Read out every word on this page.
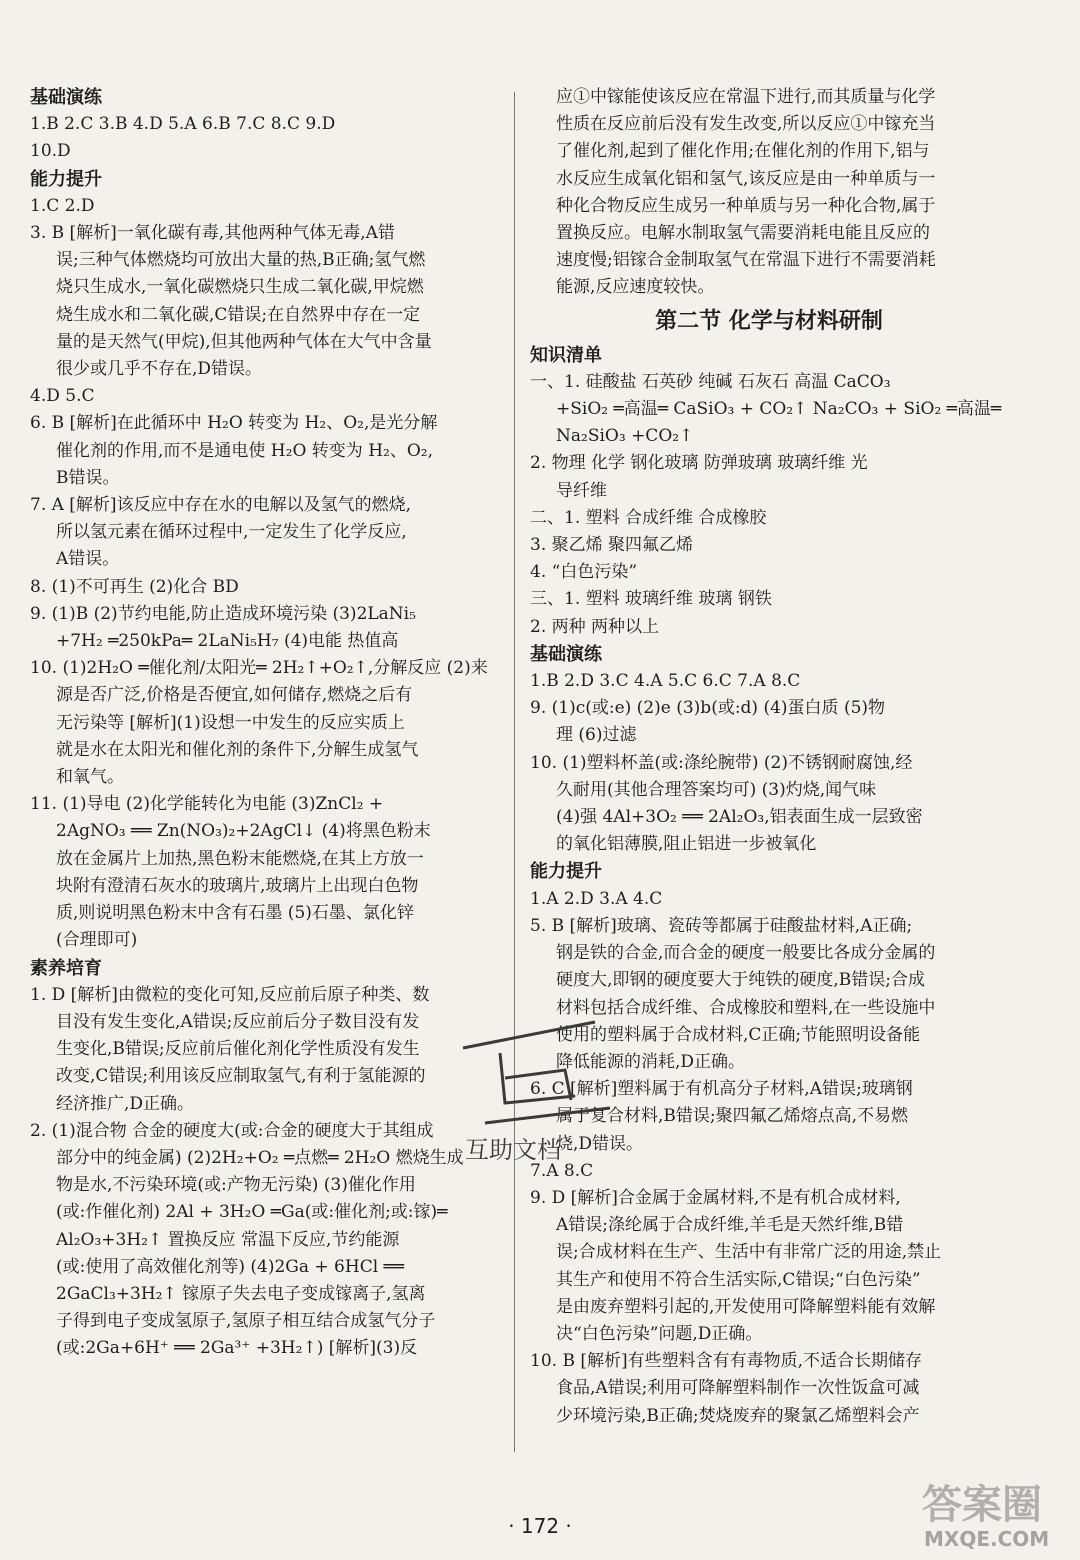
基础演练
1.B 2.C 3.B 4.D 5.A 6.B 7.C 8.C 9.D
10.D
能力提升
1.C 2.D
3. B [解析]一氧化碳有毒,其他两种气体无毒,A错
误;三种气体燃烧均可放出大量的热,B正确;氢气燃
烧只生成水,一氧化碳燃烧只生成二氧化碳,甲烷燃
烧生成水和二氧化碳,C错误;在自然界中存在一定
量的是天然气(甲烷),但其他两种气体在大气中含量
很少或几乎不存在,D错误。
4.D 5.C
6. B [解析]在此循环中 H₂O 转变为 H₂、O₂,是光分解
催化剂的作用,而不是通电使 H₂O 转变为 H₂、O₂,
B错误。
7. A [解析]该反应中存在水的电解以及氢气的燃烧,
所以氢元素在循环过程中,一定发生了化学反应,
A错误。
8. (1)不可再生 (2)化合 BD
9. (1)B (2)节约电能,防止造成环境污染 (3)2LaNi₅
+7H₂ ═250kPa═ 2LaNi₅H₇ (4)电能 热值高
10. (1)2H₂O ═催化剂/太阳光═ 2H₂↑+O₂↑,分解反应 (2)来
源是否广泛,价格是否便宜,如何储存,燃烧之后有
无污染等 [解析](1)设想一中发生的反应实质上
就是水在太阳光和催化剂的条件下,分解生成氢气
和氧气。
11. (1)导电 (2)化学能转化为电能 (3)ZnCl₂ +
2AgNO₃ ══ Zn(NO₃)₂+2AgCl↓ (4)将黑色粉末
放在金属片上加热,黑色粉末能燃烧,在其上方放一
块附有澄清石灰水的玻璃片,玻璃片上出现白色物
质,则说明黑色粉末中含有石墨 (5)石墨、氯化锌
(合理即可)
素养培育
1. D [解析]由微粒的变化可知,反应前后原子种类、数
目没有发生变化,A错误;反应前后分子数目没有发
生变化,B错误;反应前后催化剂化学性质没有发生
改变,C错误;利用该反应制取氢气,有利于氢能源的
经济推广,D正确。
2. (1)混合物 合金的硬度大(或:合金的硬度大于其组成
部分中的纯金属) (2)2H₂+O₂ ═点燃═ 2H₂O 燃烧生成
物是水,不污染环境(或:产物无污染) (3)催化作用
(或:作催化剂) 2Al + 3H₂O ═Ga(或:催化剂;或:镓)═
Al₂O₃+3H₂↑ 置换反应 常温下反应,节约能源
(或:使用了高效催化剂等) (4)2Ga + 6HCl ══
2GaCl₃+3H₂↑ 镓原子失去电子变成镓离子,氢离
子得到电子变成氢原子,氢原子相互结合成氢气分子
(或:2Ga+6H⁺ ══ 2Ga³⁺ +3H₂↑) [解析](3)反
应①中镓能使该反应在常温下进行,而其质量与化学
性质在反应前后没有发生改变,所以反应①中镓充当
了催化剂,起到了催化作用;在催化剂的作用下,铝与
水反应生成氧化铝和氢气,该反应是由一种单质与一
种化合物反应生成另一种单质与另一种化合物,属于
置换反应。电解水制取氢气需要消耗电能且反应的
速度慢;铝镓合金制取氢气在常温下进行不需要消耗
能源,反应速度较快。
第二节 化学与材料研制
知识清单
一、1. 硅酸盐 石英砂 纯碱 石灰石 高温 CaCO₃
+SiO₂ ═高温═ CaSiO₃ + CO₂↑ Na₂CO₃ + SiO₂ ═高温═
Na₂SiO₃ +CO₂↑
2. 物理 化学 钢化玻璃 防弹玻璃 玻璃纤维 光
导纤维
二、1. 塑料 合成纤维 合成橡胶
3. 聚乙烯 聚四氟乙烯
4. “白色污染”
三、1. 塑料 玻璃纤维 玻璃 钢铁
2. 两种 两种以上
基础演练
1.B 2.D 3.C 4.A 5.C 6.C 7.A 8.C
9. (1)c(或:e) (2)e (3)b(或:d) (4)蛋白质 (5)物
理 (6)过滤
10. (1)塑料杯盖(或:涤纶腕带) (2)不锈钢耐腐蚀,经
久耐用(其他合理答案均可) (3)灼烧,闻气味
(4)强 4Al+3O₂ ══ 2Al₂O₃,铝表面生成一层致密
的氧化铝薄膜,阻止铝进一步被氧化
能力提升
1.A 2.D 3.A 4.C
5. B [解析]玻璃、瓷砖等都属于硅酸盐材料,A正确;
钢是铁的合金,而合金的硬度一般要比各成分金属的
硬度大,即钢的硬度要大于纯铁的硬度,B错误;合成
材料包括合成纤维、合成橡胶和塑料,在一些设施中
使用的塑料属于合成材料,C正确;节能照明设备能
降低能源的消耗,D正确。
6. C [解析]塑料属于有机高分子材料,A错误;玻璃钢
属于复合材料,B错误;聚四氟乙烯熔点高,不易燃
烧,D错误。
7.A 8.C
9. D [解析]合金属于金属材料,不是有机合成材料,
A错误;涤纶属于合成纤维,羊毛是天然纤维,B错
误;合成材料在生产、生活中有非常广泛的用途,禁止
其生产和使用不符合生活实际,C错误;“白色污染”
是由废弃塑料引起的,开发使用可降解塑料能有效解
决“白色污染”问题,D正确。
10. B [解析]有些塑料含有有毒物质,不适合长期储存
食品,A错误;利用可降解塑料制作一次性饭盒可减
少环境污染,B正确;焚烧废弃的聚氯乙烯塑料会产
互助文档
· 172 ·	答案圈
MXQE.COM
